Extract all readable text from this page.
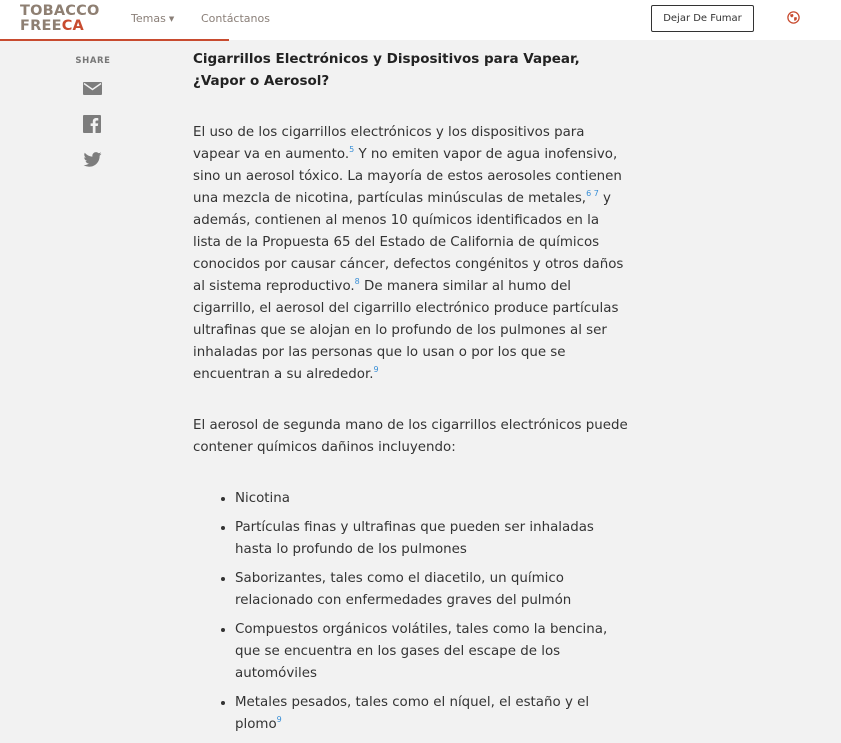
TOBACCO
FREECA	Temas ▼ Contáctanos	Dejar De Fumar
SHARE	Cigarrillos Electrónicos y Dispositivos para Vapear, ¿Vapor o Aerosol?

El uso de los cigarrillos electrónicos y los dispositivos para vapear va en aumento.$^5$ Y no emiten vapor de agua inofensivo, sino un aerosol tóxico. La mayoría de estos aerosoles contienen una mezcla de nicotina, partículas minúsculas de metales,$^{6 7}$ y además, contienen al menos 10 químicos identificados en la lista de la Propuesta 65 del Estado de California de químicos conocidos por causar cáncer, defectos congénitos y otros daños al sistema reproductivo.$^8$ De manera similar al humo del cigarrillo, el aerosol del cigarrillo electrónico produce partículas ultrafinas que se alojan en lo profundo de los pulmones al ser inhaladas por las personas que lo usan o por los que se encuentran a su alrededor.$^9$

El aerosol de segunda mano de los cigarrillos electrónicos puede contener químicos dañinos incluyendo:

• Nicotina
• Partículas finas y ultrafinas que pueden ser inhaladas hasta lo profundo de los pulmones
• Saborizantes, tales como el diacetilo, un químico relacionado con enfermedades graves del pulmón
• Compuestos orgánicos volátiles, tales como la bencina, que se encuentra en los gases del escape de los automóviles
• Metales pesados, tales como el níquel, el estaño y el plomo$^9$
